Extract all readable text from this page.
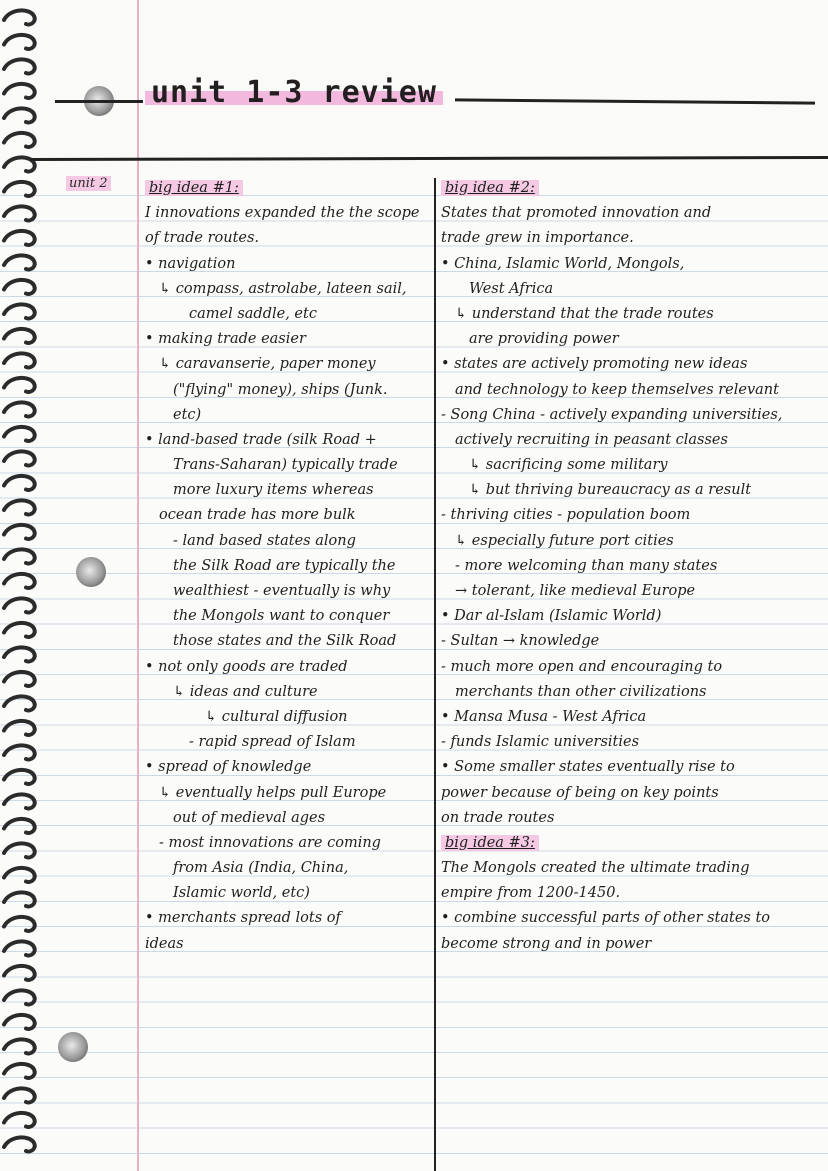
unit 1-3 review
unit 2	big idea #1:
I innovations expanded the the scope
of trade routes.
• navigation
↳ compass, astrolabe, lateen sail,
camel saddle, etc
• making trade easier
↳ caravanserie, paper money
("flying" money), ships (Junk.
etc)
• land-based trade (silk Road +
Trans-Saharan) typically trade
more luxury items whereas
ocean trade has more bulk
- land based states along
the Silk Road are typically the
wealthiest - eventually is why
the Mongols want to conquer
those states and the Silk Road
• not only goods are traded
↳ ideas and culture
↳ cultural diffusion
- rapid spread of Islam
• spread of knowledge
↳ eventually helps pull Europe
out of medieval ages
- most innovations are coming
from Asia (India, China,
Islamic world, etc)
• merchants spread lots of
ideas
big idea #2:
States that promoted innovation and
trade grew in importance.
• China, Islamic World, Mongols,
West Africa
↳ understand that the trade routes
are providing power
• states are actively promoting new ideas
and technology to keep themselves relevant
- Song China - actively expanding universities,
actively recruiting in peasant classes
↳ sacrificing some military
↳ but thriving bureaucracy as a result
- thriving cities - population boom
↳ especially future port cities
- more welcoming than many states
→ tolerant, like medieval Europe
• Dar al-Islam (Islamic World)
- Sultan → knowledge
- much more open and encouraging to
merchants than other civilizations
• Mansa Musa - West Africa
- funds Islamic universities
• Some smaller states eventually rise to
power because of being on key points
on trade routes
big idea #3:
The Mongols created the ultimate trading
empire from 1200-1450.
• combine successful parts of other states to
become strong and in power
